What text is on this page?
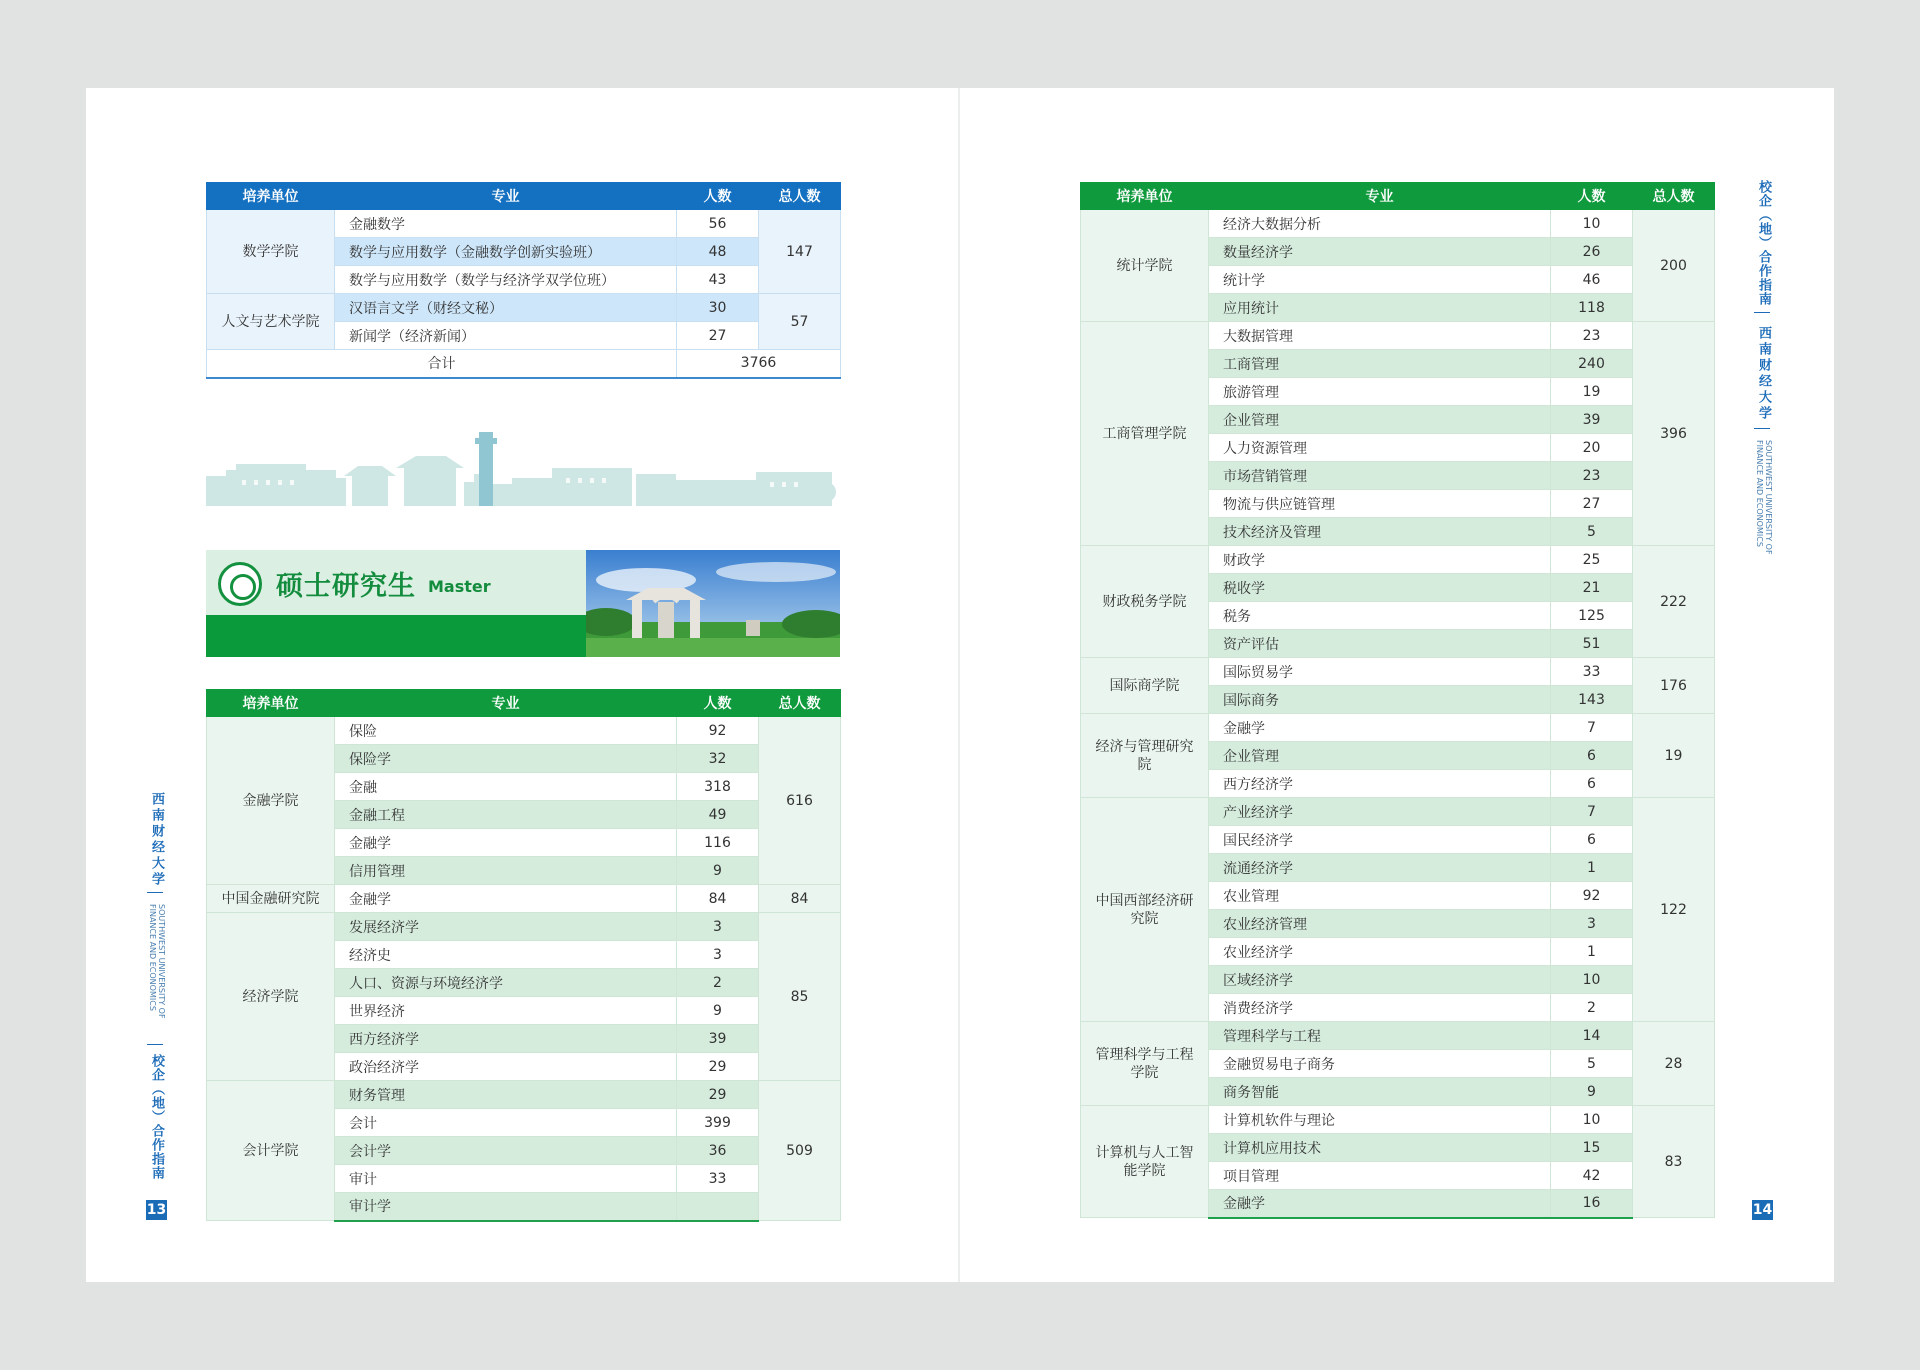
培养单位	专业	人数	总人数
数学学院	金融数学	56	147
	数学与应用数学（金融数学创新实验班）	48	
	数学与应用数学（数学与经济学双学位班）	43	
人文与艺术学院	汉语言文学（财经文秘）	30	57
	新闻学（经济新闻）	27	
合计		3766	
硕士研究生 Master
培养单位	专业	人数	总人数
金融学院	保险	92	616
	保险学	32	
	金融	318	
	金融工程	49	
	金融学	116	
	信用管理	9	
中国金融研究院	金融学	84	84
经济学院	发展经济学	3	85
	经济史	3	
	人口、资源与环境经济学	2	
	世界经济	9	
	西方经济学	39	
	政治经济学	29	
会计学院	财务管理	29	509
	会计	399	
	会计学	36	
	审计	33	
	审计学		
培养单位	专业	人数	总人数
统计学院	经济大数据分析	10	200
	数量经济学	26	
	统计学	46	
	应用统计	118	
工商管理学院	大数据管理	23	396
	工商管理	240	
	旅游管理	19	
	企业管理	39	
	人力资源管理	20	
	市场营销管理	23	
	物流与供应链管理	27	
	技术经济及管理	5	
财政税务学院	财政学	25	222
	税收学	21	
	税务	125	
	资产评估	51	
国际商学院	国际贸易学	33	176
	国际商务	143	
经济与管理研究院	金融学	7	19
	企业管理	6	
	西方经济学	6	
中国西部经济研究院	产业经济学	7	122
	国民经济学	6	
	流通经济学	1	
	农业管理	92	
	农业经济管理	3	
	农业经济学	1	
	区域经济学	10	
	消费经济学	2	
管理科学与工程学院	管理科学与工程	14	28
	金融贸易电子商务	5	
	商务智能	9	
计算机与人工智能学院	计算机软件与理论	10	83
	计算机应用技术	15	
	项目管理	42	
	金融学	16	
西南财经大学
SOUTHWEST UNIVERSITY OF FINANCE AND ECONOMICS
校企（地）合作指南
13
校企（地）合作指南
西南财经大学
SOUTHWEST UNIVERSITY OF FINANCE AND ECONOMICS
14
